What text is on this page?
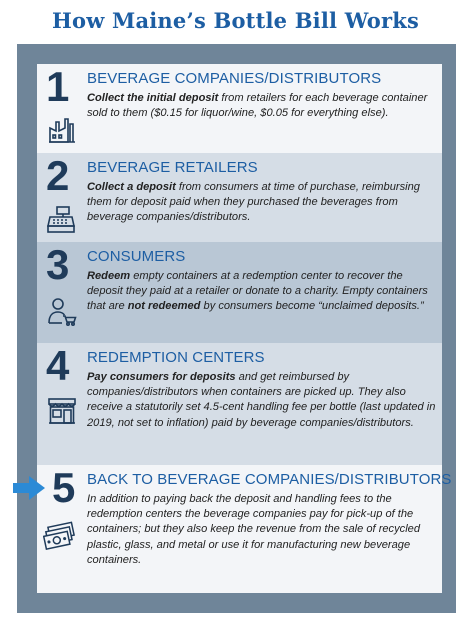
How Maine’s Bottle Bill Works
1 BEVERAGE COMPANIES/DISTRIBUTORS
Collect the initial deposit from retailers for each beverage container sold to them ($0.15 for liquor/wine, $0.05 for everything else).
2 BEVERAGE RETAILERS
Collect a deposit from consumers at time of purchase, reimbursing them for deposit paid when they purchased the beverages from beverage companies/distributors.
3 CONSUMERS
Redeem empty containers at a redemption center to recover the deposit they paid at a retailer or donate to a charity. Empty containers that are not redeemed by consumers become “unclaimed deposits.”
4 REDEMPTION CENTERS
Pay consumers for deposits and get reimbursed by companies/distributors when containers are picked up. They also receive a statutorily set 4.5-cent handling fee per bottle (last updated in 2019, not set to inflation) paid by beverage companies/distributors.
5 BACK TO BEVERAGE COMPANIES/DISTRIBUTORS
In addition to paying back the deposit and handling fees to the redemption centers the beverage companies pay for pick-up of the containers; but they also keep the revenue from the sale of recycled plastic, glass, and metal or use it for manufacturing new beverage containers.
